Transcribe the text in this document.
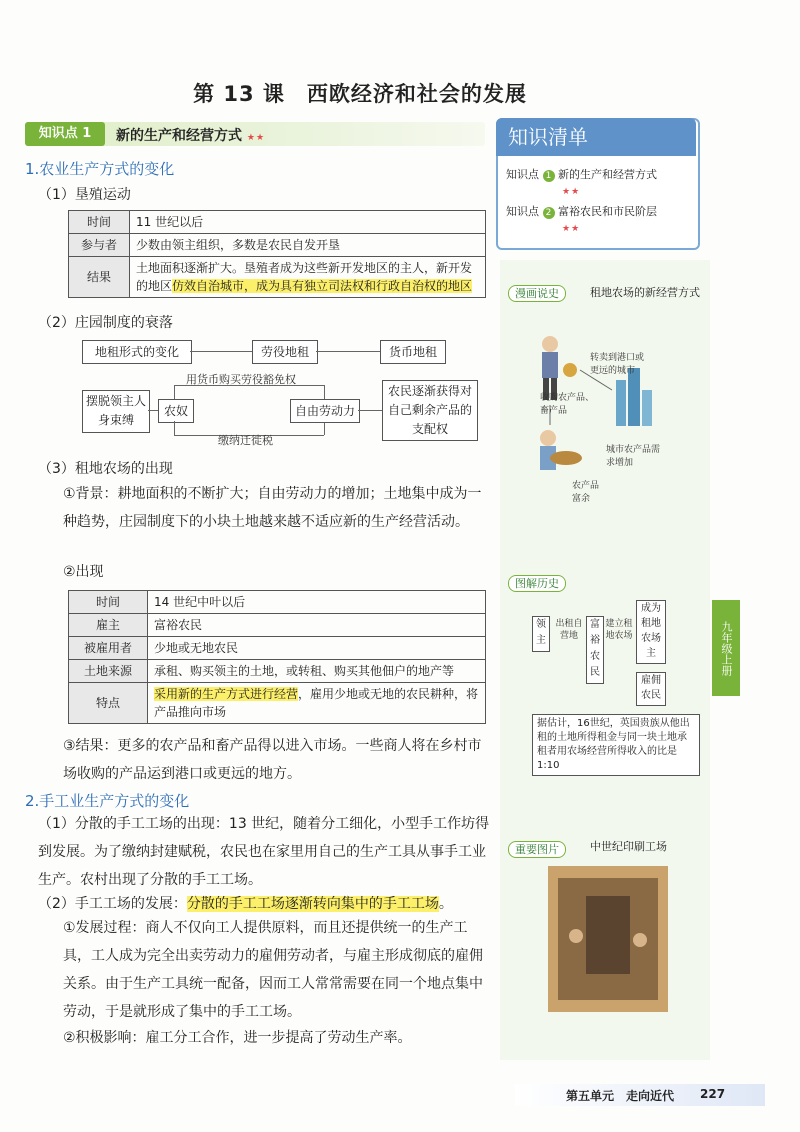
第 13 课　西欧经济和社会的发展
知识点 1	新的生产和经营方式 ★★
1.农业生产方式的变化
（1）垦殖运动
时间	11 世纪以后
参与者	少数由领主组织，多数是农民自发开垦
结果	土地面积逐渐扩大。垦殖者成为这些新开发地区的主人，新开发的地区仿效自治城市，成为具有独立司法权和行政自治权的地区
（2）庄园制度的衰落
地租形式的变化	劳役地租	货币地租
摆脱领主人身束缚
农奴
用货币购买劳役豁免权
缴纳迁徙税
自由劳动力
农民逐渐获得对自己剩余产品的支配权
（3）租地农场的出现
①背景：耕地面积的不断扩大；自由劳动力的增加；土地集中成为一种趋势，庄园制度下的小块土地越来越不适应新的生产经营活动。
②出现
时间	14 世纪中叶以后
雇主	富裕农民
被雇用者	少地或无地农民
土地来源	承租、购买领主的土地，或转租、购买其他佃户的地产等
特点	采用新的生产方式进行经营，雇用少地或无地的农民耕种，将产品推向市场
③结果：更多的农产品和畜产品得以进入市场。一些商人将在乡村市场收购的产品运到港口或更远的地方。
2.手工业生产方式的变化
（1）分散的手工工场的出现：13 世纪，随着分工细化，小型手工作坊得到发展。为了缴纳封建赋税，农民也在家里用自己的生产工具从事手工业生产。农村出现了分散的手工工场。
（2）手工工场的发展：分散的手工工场逐渐转向集中的手工工场。
①发展过程：商人不仅向工人提供原料，而且还提供统一的生产工具，工人成为完全出卖劳动力的雇佣劳动者，与雇主形成彻底的雇佣关系。由于生产工具统一配备，因而工人常常需要在同一个地点集中劳动，于是就形成了集中的手工工场。
②积极影响：雇工分工合作，进一步提高了劳动生产率。
知识清单
知识点 1 新的生产和经营方式
★★
知识点 2 富裕农民和市民阶层
★★
漫画说史	租地农场的新经营方式
转卖到港口或更远的城市
收购农产品、畜产品
城市农产品需求增加
农产品富余
图解历史
领主
出租自营地
富裕农民
建立租地农场
成为租地农场主
雇佣农民
据估计，16世纪，英国贵族从他出租的土地所得租金与同一块土地承租者用农场经营所得收入的比是1:10
重要图片	中世纪印刷工场
九年级上册
第五单元　走向近代 227
